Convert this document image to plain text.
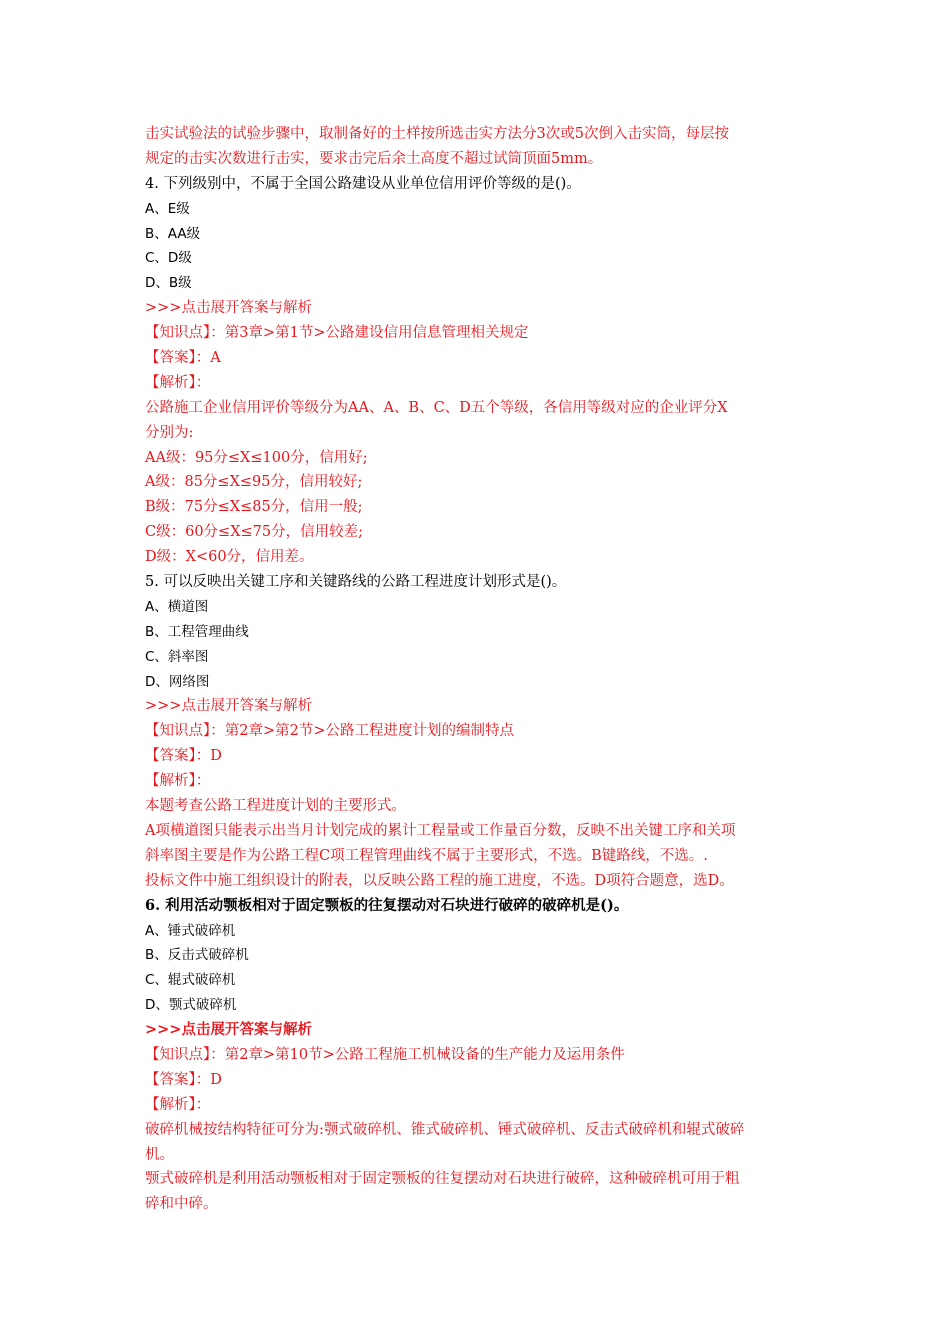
击实试验法的试验步骤中，取制备好的土样按所选击实方法分3次或5次倒入击实筒，每层按
规定的击实次数进行击实，要求击完后余土高度不超过试筒顶面5mm。
4. 下列级别中，不属于全国公路建设从业单位信用评价等级的是()。
A、E级
B、AA级
C、D级
D、B级
>>>点击展开答案与解析
【知识点】：第3章>第1节>公路建设信用信息管理相关规定
【答案】：A
【解析】：
公路施工企业信用评价等级分为AA、A、B、C、D五个等级，各信用等级对应的企业评分X
分别为:
AA级：95分≤X≤100分，信用好;
A级：85分≤X≤95分，信用较好;
B级：75分≤X≤85分，信用一般;
C级：60分≤X≤75分，信用较差;
D级：X<60分，信用差。
5. 可以反映出关键工序和关键路线的公路工程进度计划形式是()。
A、横道图
B、工程管理曲线
C、斜率图
D、网络图
>>>点击展开答案与解析
【知识点】：第2章>第2节>公路工程进度计划的编制特点
【答案】：D
【解析】：
本题考查公路工程进度计划的主要形式。
A项横道图只能表示出当月计划完成的累计工程量或工作量百分数，反映不出关键工序和关项
斜率图主要是作为公路工程C项工程管理曲线不属于主要形式，不选。B键路线，不选。.
投标文件中施工组织设计的附表，以反映公路工程的施工进度，不选。D项符合题意，选D。
6. 利用活动颚板相对于固定颚板的往复摆动对石块进行破碎的破碎机是()。
A、锤式破碎机
B、反击式破碎机
C、辊式破碎机
D、颚式破碎机
>>>点击展开答案与解析
【知识点】：第2章>第10节>公路工程施工机械设备的生产能力及运用条件
【答案】：D
【解析】：
破碎机械按结构特征可分为:颚式破碎机、锥式破碎机、锤式破碎机、反击式破碎机和辊式破碎
机。
颚式破碎机是利用活动颚板相对于固定颚板的往复摆动对石块进行破碎，这种破碎机可用于粗
碎和中碎。
